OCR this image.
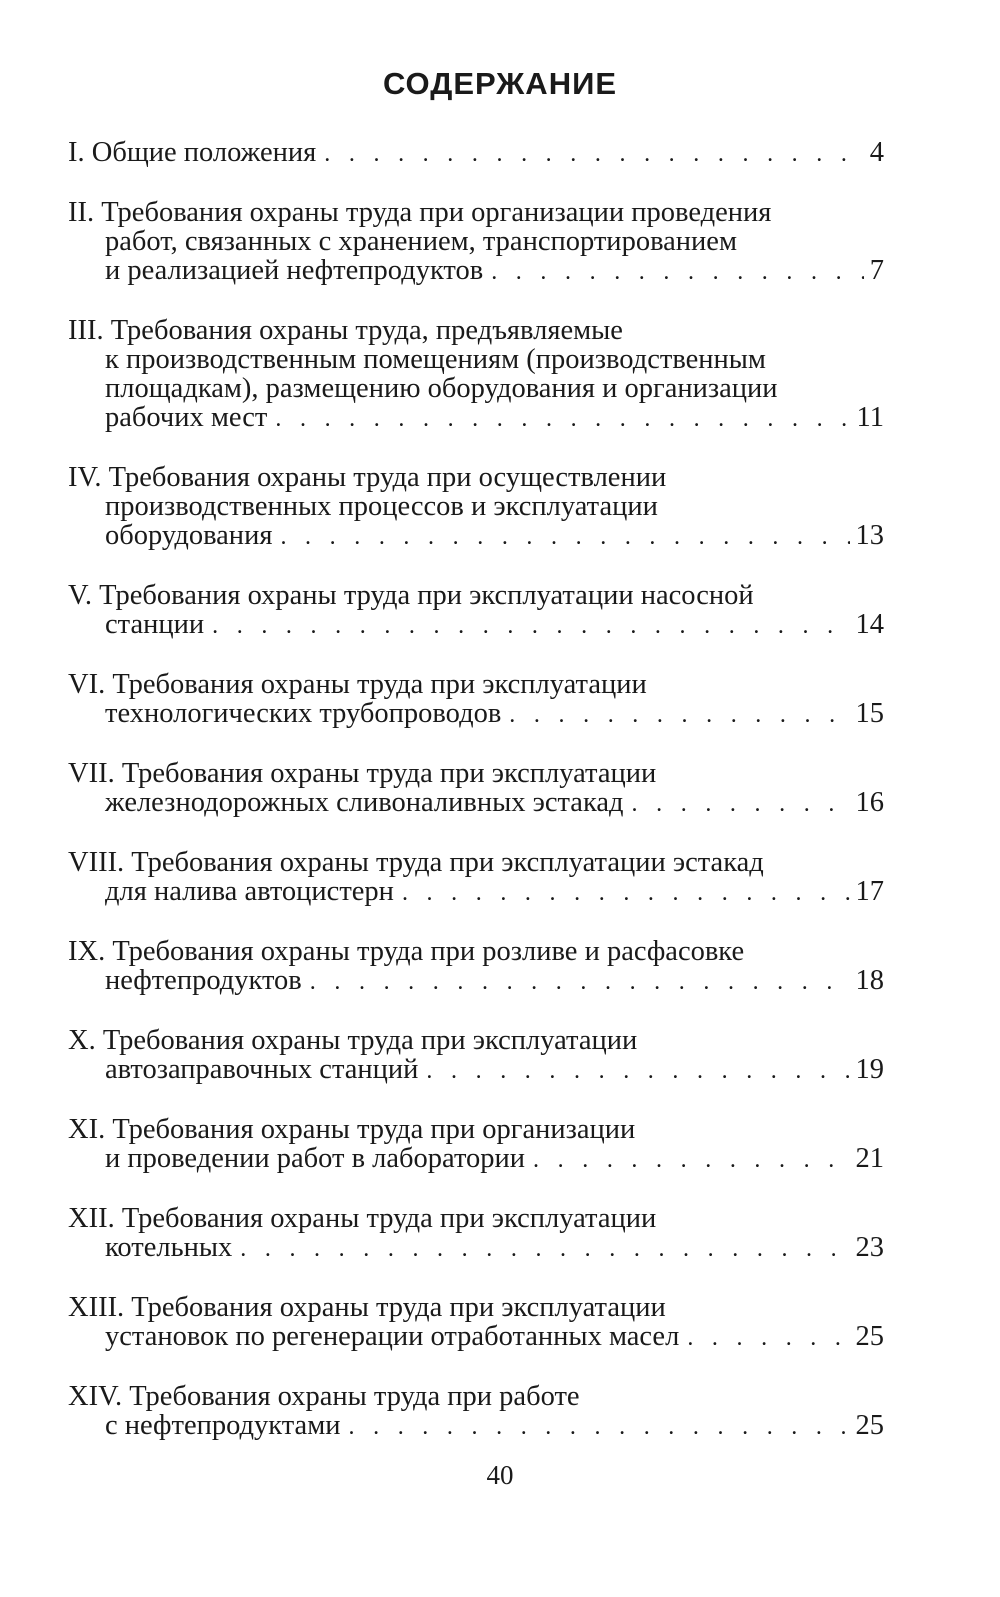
СОДЕРЖАНИЕ
I. Общие положения . . .	4
II. Требования охраны труда при организации проведения
работ, связанных с хранением, транспортированием
и реализацией нефтепродуктов . . .	7
III. Требования охраны труда, предъявляемые
к производственным помещениям (производственным
площадкам), размещению оборудования и организации
рабочих мест . . .	11
IV. Требования охраны труда при осуществлении
производственных процессов и эксплуатации
оборудования . . .	13
V. Требования охраны труда при эксплуатации насосной
станции . . .	14
VI. Требования охраны труда при эксплуатации
технологических трубопроводов . . .	15
VII. Требования охраны труда при эксплуатации
железнодорожных сливоналивных эстакад . . .	16
VIII. Требования охраны труда при эксплуатации эстакад
для налива автоцистерн . . .	17
IX. Требования охраны труда при розливе и расфасовке
нефтепродуктов . . .	18
X. Требования охраны труда при эксплуатации
автозаправочных станций . . .	19
XI. Требования охраны труда при организации
и проведении работ в лаборатории . . .	21
XII. Требования охраны труда при эксплуатации
котельных . . .	23
XIII. Требования охраны труда при эксплуатации
установок по регенерации отработанных масел . . .	25
XIV. Требования охраны труда при работе
с нефтепродуктами . . .	25
40
